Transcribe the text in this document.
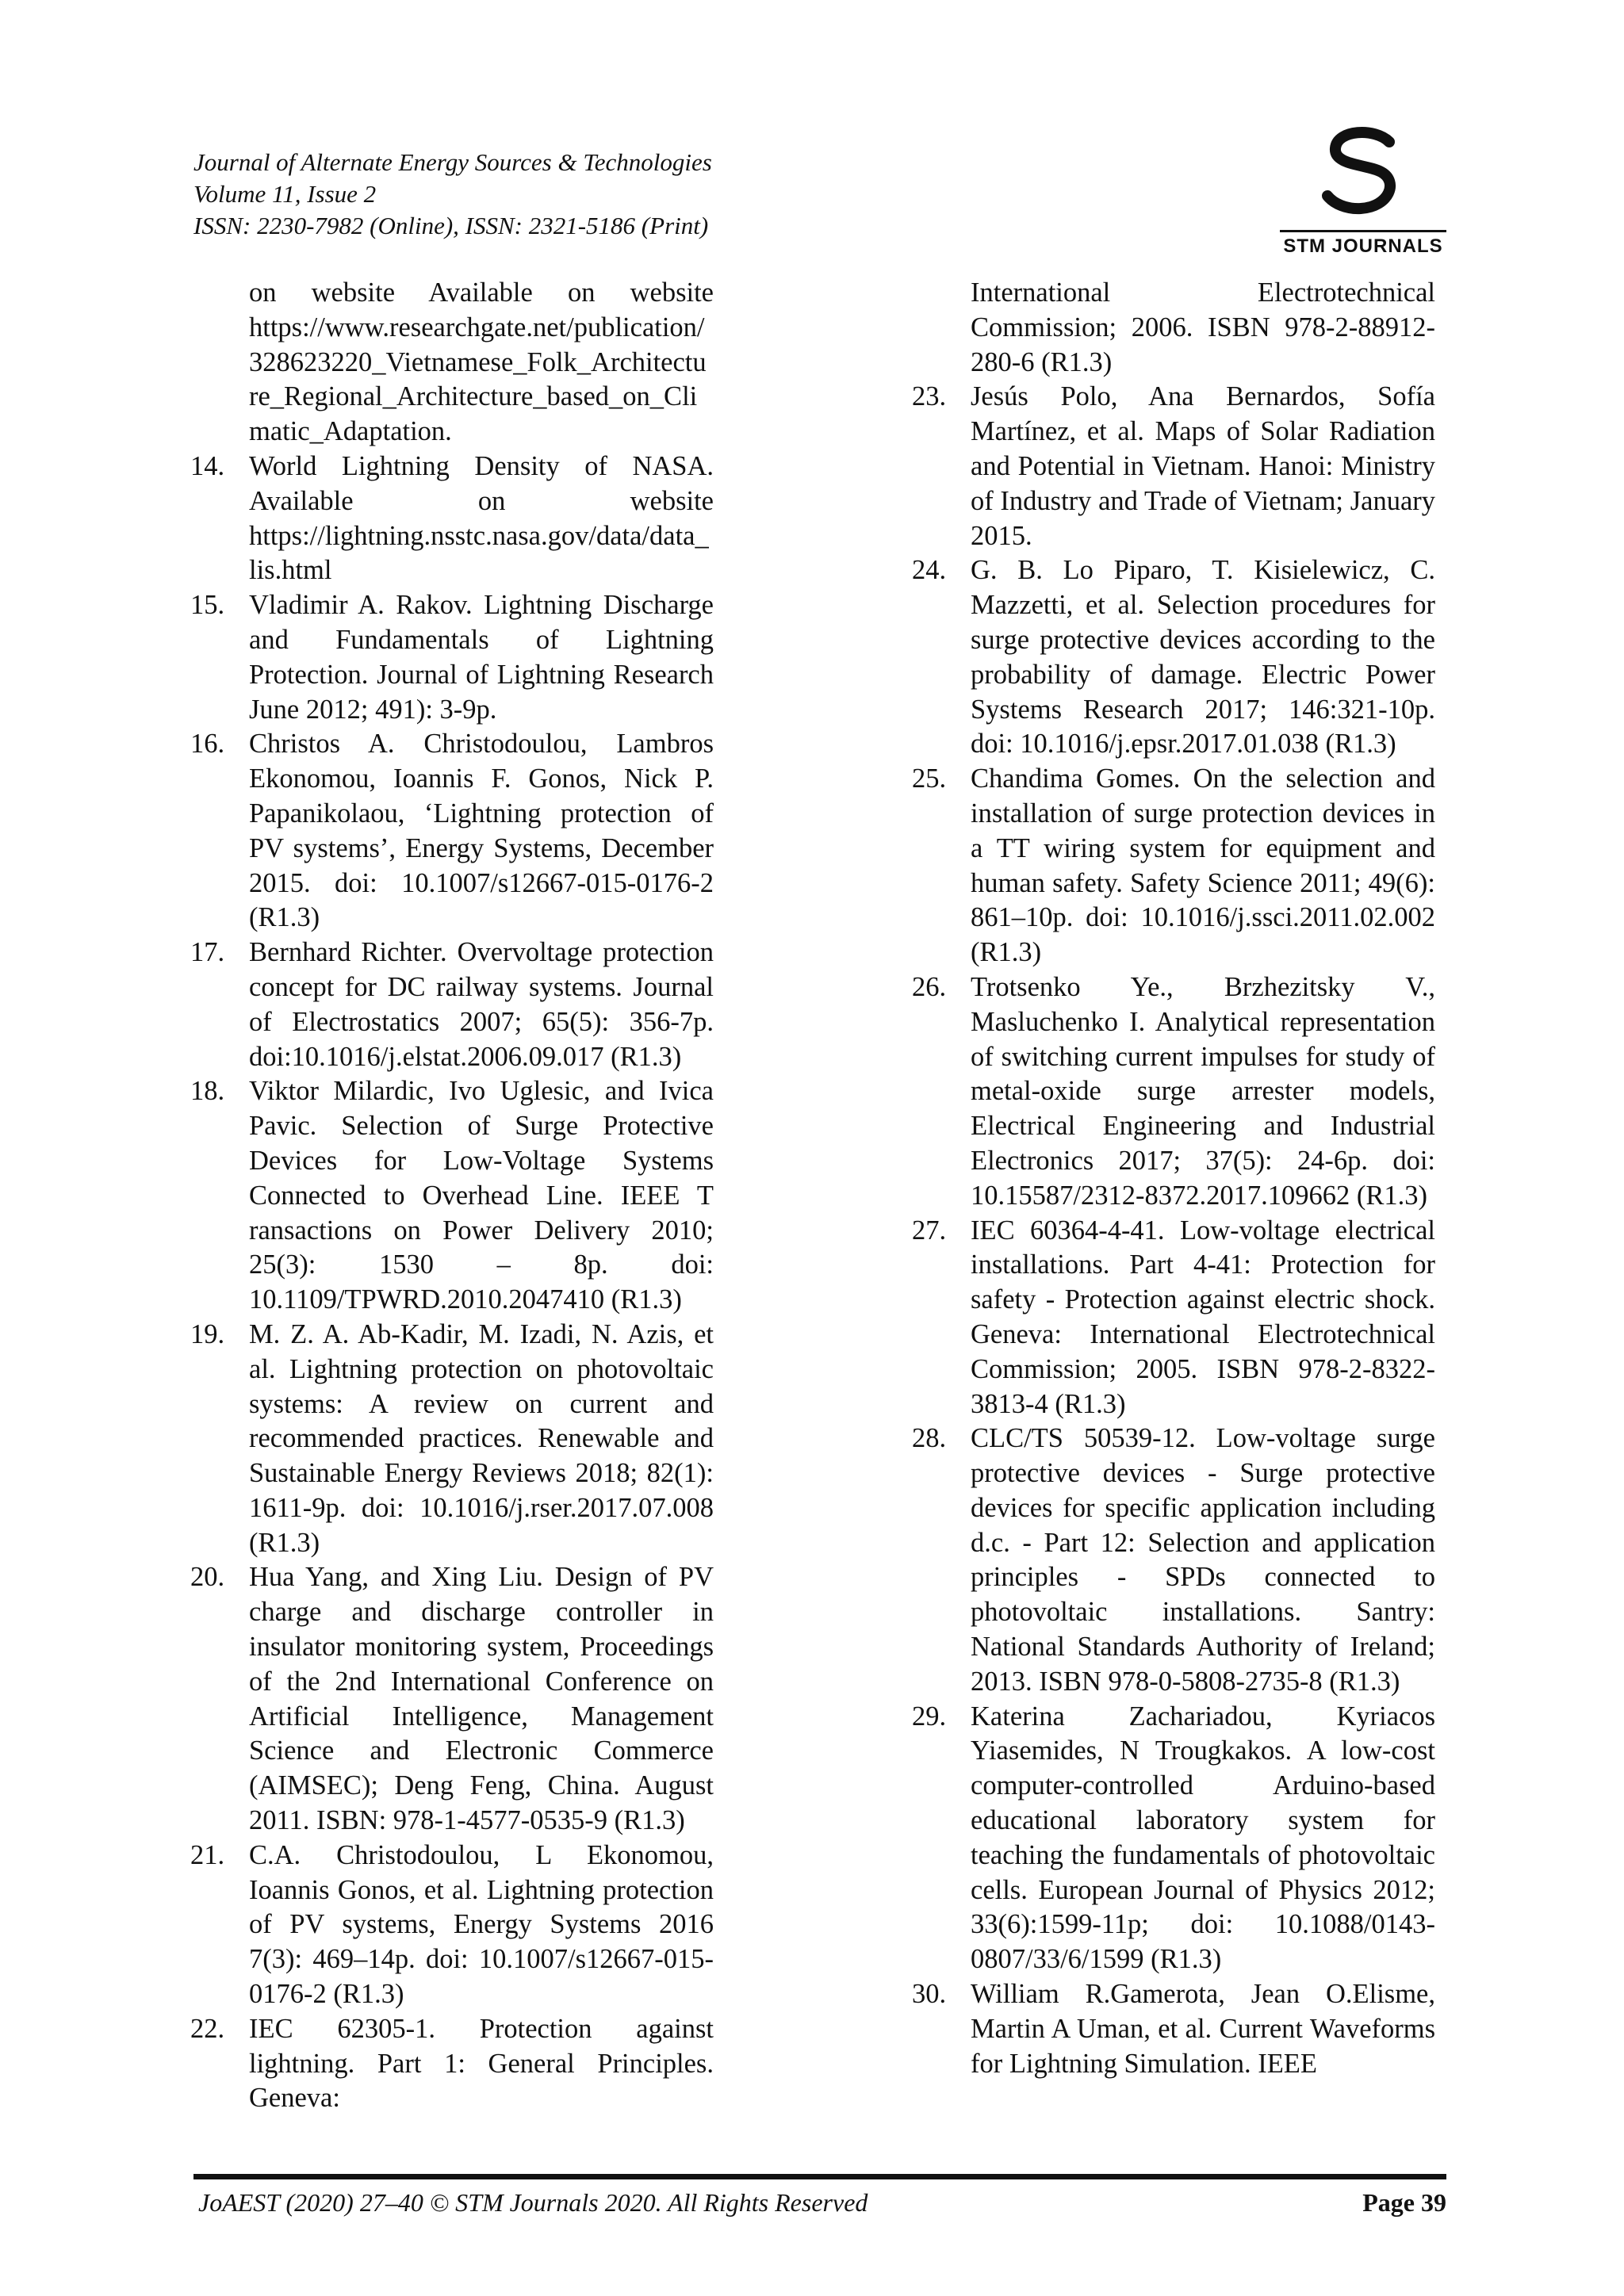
Journal of Alternate Energy Sources & Technologies
Volume 11, Issue 2
ISSN: 2230-7982 (Online), ISSN: 2321-5186 (Print)
STM JOURNALS
on website Available on website https://www.researchgate.net/publication/328623220_Vietnamese_Folk_Architecture_Regional_Architecture_based_on_Climatic_Adaptation.
14. World Lightning Density of NASA. Available on website https://lightning.nsstc.nasa.gov/data/data_lis.html
15. Vladimir A. Rakov. Lightning Discharge and Fundamentals of Lightning Protection. Journal of Lightning Research June 2012; 491): 3-9p.
16. Christos A. Christodoulou, Lambros Ekonomou, Ioannis F. Gonos, Nick P. Papanikolaou, ‘Lightning protection of PV systems’, Energy Systems, December 2015. doi: 10.1007/s12667-015-0176-2 (R1.3)
17. Bernhard Richter. Overvoltage protection concept for DC railway systems. Journal of Electrostatics 2007; 65(5): 356-7p. doi:10.1016/j.elstat.2006.09.017 (R1.3)
18. Viktor Milardic, Ivo Uglesic, and Ivica Pavic. Selection of Surge Protective Devices for Low-Voltage Systems Connected to Overhead Line. IEEE T ransactions on Power Delivery 2010; 25(3): 1530 – 8p. doi: 10.1109/TPWRD.2010.2047410 (R1.3)
19. M. Z. A. Ab-Kadir, M. Izadi, N. Azis, et al. Lightning protection on photovoltaic systems: A review on current and recommended practices. Renewable and Sustainable Energy Reviews 2018; 82(1): 1611-9p. doi: 10.1016/j.rser.2017.07.008 (R1.3)
20. Hua Yang, and Xing Liu. Design of PV charge and discharge controller in insulator monitoring system, Proceedings of the 2nd International Conference on Artificial Intelligence, Management Science and Electronic Commerce (AIMSEC); Deng Feng, China. August 2011. ISBN: 978-1-4577-0535-9 (R1.3)
21. C.A. Christodoulou, L Ekonomou, Ioannis Gonos, et al. Lightning protection of PV systems, Energy Systems 2016 7(3): 469–14p. doi: 10.1007/s12667-015-0176-2 (R1.3)
22. IEC 62305-1. Protection against lightning. Part 1: General Principles. Geneva:
International Electrotechnical Commission; 2006. ISBN 978-2-88912-280-6 (R1.3)
23. Jesús Polo, Ana Bernardos, Sofía Martínez, et al. Maps of Solar Radiation and Potential in Vietnam. Hanoi: Ministry of Industry and Trade of Vietnam; January 2015.
24. G. B. Lo Piparo, T. Kisielewicz, C. Mazzetti, et al. Selection procedures for surge protective devices according to the probability of damage. Electric Power Systems Research 2017; 146:321-10p. doi: 10.1016/j.epsr.2017.01.038 (R1.3)
25. Chandima Gomes. On the selection and installation of surge protection devices in a TT wiring system for equipment and human safety. Safety Science 2011; 49(6): 861–10p. doi: 10.1016/j.ssci.2011.02.002 (R1.3)
26. Trotsenko Ye., Brzhezitsky V., Masluchenko I. Analytical representation of switching current impulses for study of metal-oxide surge arrester models, Electrical Engineering and Industrial Electronics 2017; 37(5): 24-6p. doi: 10.15587/2312-8372.2017.109662 (R1.3)
27. IEC 60364-4-41. Low-voltage electrical installations. Part 4-41: Protection for safety - Protection against electric shock. Geneva: International Electrotechnical Commission; 2005. ISBN 978-2-8322-3813-4 (R1.3)
28. CLC/TS 50539-12. Low-voltage surge protective devices - Surge protective devices for specific application including d.c. - Part 12: Selection and application principles - SPDs connected to photovoltaic installations. Santry: National Standards Authority of Ireland; 2013. ISBN 978-0-5808-2735-8 (R1.3)
29. Katerina Zachariadou, Kyriacos Yiasemides, N Trougkakos. A low-cost computer-controlled Arduino-based educational laboratory system for teaching the fundamentals of photovoltaic cells. European Journal of Physics 2012; 33(6):1599-11p; doi: 10.1088/0143-0807/33/6/1599 (R1.3)
30. William R.Gamerota, Jean O.Elisme, Martin A Uman, et al. Current Waveforms for Lightning Simulation. IEEE
JoAEST (2020) 27–40 © STM Journals 2020. All Rights Reserved	Page 39
